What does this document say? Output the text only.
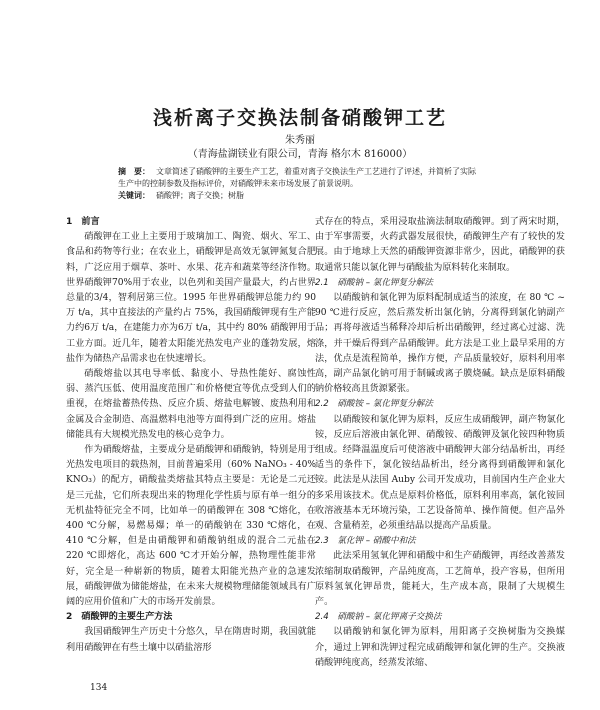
浅析离子交换法制备硝酸钾工艺
朱秀丽
（青海盐湖镁业有限公司，青海 格尔木 816000）
摘　要： 文章简述了硝酸钾的主要生产工艺，着重对离子交换法生产工艺进行了评述，并简析了实际生产中的控制参数及指标评价，对硝酸钾未来市场发展了前景说明。
关键词： 硝酸钾；离子交换；树脂
1　前言
硝酸钾在工业上主要用于玻璃加工、陶瓷、烟火、军工、食品和药物等行业；在农业上，硝酸钾是高效无氯钾氮复合肥料，广泛应用于烟草、茶叶、水果、花卉和蔬菜等经济作物。世界硝酸钾70%用于农业，以色列和美国产量最大，约占世界总量的3/4，智利居第三位。1995 年世界硝酸钾总能力约 90 万 t/a，其中直接法的产量约占 75%，我国硝酸钾现有生产能力约6万 t/a，在建能力亦为6万 t/a，其中约 80% 硝酸钾用于工业方面。近几年，随着太阳能光热发电产业的蓬勃发展，熔盐作为储热产品需求也在快速增长。
硝酸熔盐以其电导率低、黏度小、导热性能好、腐蚀性弱、蒸汽压低、使用温度范围广和价格便宜等优点受到人们的重视，在熔盐蓄热传热、反应介质、熔盐电解镀、废热利用和金属及合金制造、高温燃料电池等方面得到广泛的应用。熔盐储能具有大规模光热发电的核心竞争力。
作为硝酸熔盐，主要成分是硝酸钾和硝酸钠，特别是用于光热发电项目的载热剂，目前普遍采用（60% NaNO₃ - 40% KNO₃）的配方，硝酸盐类熔盐其特点主要是：无论是二元还是三元盐，它们所表现出来的物理化学性质与原有单一组分的无机盐特征完全不同，比如单一的硝酸钾在 308 ℃熔化，在 400 ℃分解，易燃易爆；单一的硝酸钠在 330 ℃熔化，在 410 ℃分解，但是由硝酸钾和硝酸钠组成的混合二元盐在 220 ℃即熔化，高达 600 ℃才开始分解，热物理性能非常好，完全是一种崭新的物质，随着太阳能光热产业的急速发展，硝酸钾做为储能熔盐，在未来大规模物理储能领域具有广阔的应用价值和广大的市场开发前景。
2　硝酸钾的主要生产方法
我国硝酸钾生产历史十分悠久，早在隋唐时期，我国就能利用硝酸钾在有些土壤中以硝盐溶形
式存在的特点，采用浸取盐滴法制取硝酸钾。到了两宋时期，由于军事需要，火药武器发展很快，硝酸钾生产有了较快的发展。由于地球上天然的硝酸钾资源非常少，因此，硝酸钾的获取通常只能以氯化钾与硝酸盐为原料转化来制取。
2.1　硝酸钠 – 氯化钾复分解法
以硝酸钠和氯化钾为原料配制成适当的浓度，在 80 ℃ ~ 90 ℃进行反应，然后蒸发析出氯化钠，分离得到氯化钠副产品；再将母液适当稀释冷却后析出硝酸钾，经过离心过滤、洗涤，并干燥后得到产品硝酸钾。此方法是工业上最早采用的方法，优点是流程简单，操作方便，产品质量较好，原料利用率高，副产品氯化钠可用于制碱或离子膜烧碱。缺点是原料硝酸钠价格较高且货源紧张。
2.2　硝酸铵 – 氯化钾复分解法
以硝酸铵和氯化钾为原料，反应生成硝酸钾，副产物氯化铵，反应后溶液由氯化钾、硝酸铵、硝酸钾及氯化铵四种物质组成。经降温温度后可使溶液中硝酸钾大部分结晶析出，再经适当的条件下，氯化铵结晶析出，经分离得到硝酸钾和氯化铵。此法是从法国 Auby 公司开发成功，目前国内生产企业大多采用该技术。优点是原料价格低，原料利用率高，氯化铵回收溶液基本无环境污染，工艺设备简单、操作简便。但产品外观、含量稍差，必须重结晶以提高产品质量。
2.3　氯化钾 – 硝酸中和法
此法采用氢氧化钾和硝酸中和生产硝酸钾，再经改善蒸发浓缩制取硝酸钾，产品纯度高，工艺简单，投产容易，但所用原料氢氧化钾昂贵，能耗大，生产成本高，限制了大规模生产。
2.4　硝酸钠 – 氯化钾离子交换法
以硝酸钠和氯化钾为原料，用阳离子交换树脂为交换媒介，通过上钾和洗钾过程完成硝酸钾和氯化钾的生产。交换液硝酸钾纯度高，经蒸发浓缩、
134
